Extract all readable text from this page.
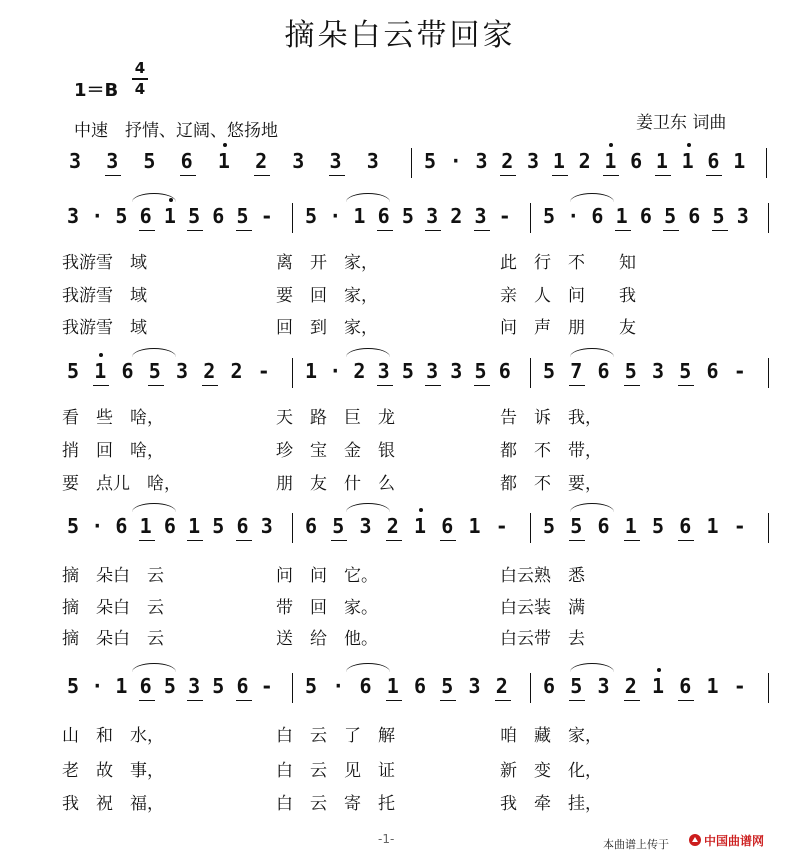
摘朵白云带回家
1＝B
4
4
中速　抒情、辽阔、悠扬地	姜卫东 词曲
3 3 5 6 1 2 3 3 3 5 · 3 2 3 1 2 1 6 1 1 6 1
3 · 5 6 1 5 6 5 - 5 · 1 6 5 3 2 3 - 5 · 6 1 6 5 6 5 3
我游雪　域	离　开　家，	此　行　不　　知
我游雪　域	要　回　家，	亲　人　问　　我
我游雪　域	回　到　家，	问　声　朋　　友
5 1 6 5 3 2 2 - 1 · 2 3 5 3 3 5 6 5 7 6 5 3 5 6 -
看　些　啥，	天　路　巨　龙	告　诉　我，
捎　回　啥，	珍　宝　金　银	都　不　带，
要　点儿　啥，	朋　友　什　么	都　不　要，
5 · 6 1 6 1 5 6 3 6 5 3 2 1 6 1 - 5 5 6 1 5 6 1 -
摘　朵白　云	问　问　它。	白云熟　悉
摘　朵白　云	带　回　家。	白云装　满
摘　朵白　云	送　给　他。	白云带　去
5 · 1 6 5 3 5 6 - 5 · 6 1 6 5 3 2 6 5 3 2 1 6 1 -
山　和　水，	白　云　了　解	咱　藏　家，
老　故　事，	白　云　见　证	新　变　化，
我　祝　福，	白　云　寄　托	我　牵　挂，
-1-	本曲谱上传于	中国曲谱网
